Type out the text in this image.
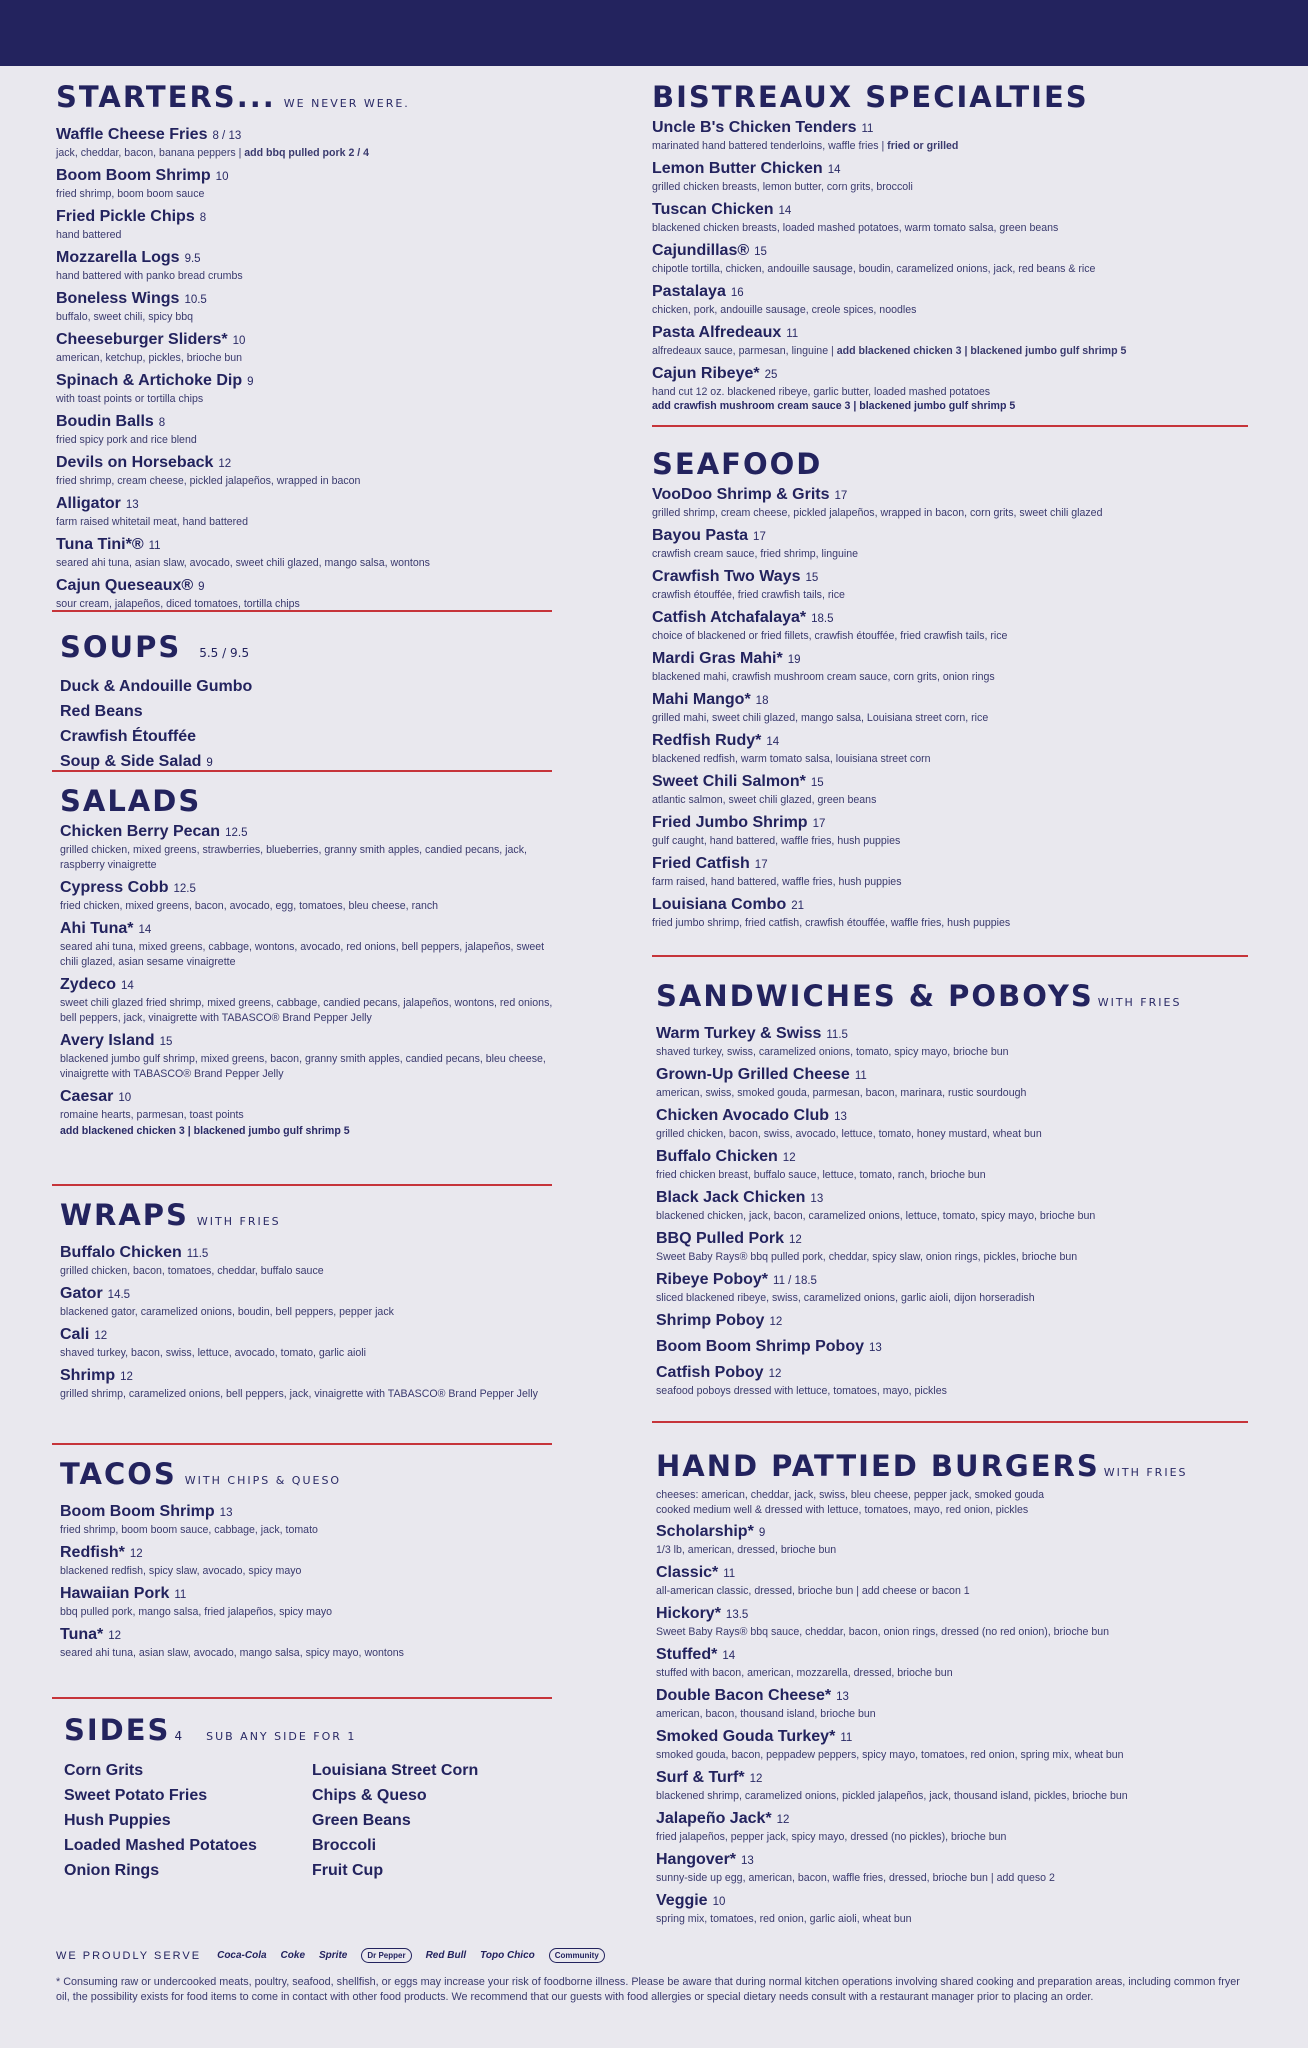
STARTERS... WE NEVER WERE.
Waffle Cheese Fries 8 / 13
jack, cheddar, bacon, banana peppers | add bbq pulled pork 2 / 4
Boom Boom Shrimp 10
fried shrimp, boom boom sauce
Fried Pickle Chips 8
hand battered
Mozzarella Logs 9.5
hand battered with panko bread crumbs
Boneless Wings 10.5
buffalo, sweet chili, spicy bbq
Cheeseburger Sliders* 10
american, ketchup, pickles, brioche bun
Spinach & Artichoke Dip 9
with toast points or tortilla chips
Boudin Balls 8
fried spicy pork and rice blend
Devils on Horseback 12
fried shrimp, cream cheese, pickled jalapeños, wrapped in bacon
Alligator 13
farm raised whitetail meat, hand battered
Tuna Tini*® 11
seared ahi tuna, asian slaw, avocado, sweet chili glazed, mango salsa, wontons
Cajun Queseaux® 9
sour cream, jalapeños, diced tomatoes, tortilla chips
SOUPS 5.5 / 9.5
Duck & Andouille Gumbo
Red Beans
Crawfish Étouffée
Soup & Side Salad 9
SALADS
Chicken Berry Pecan 12.5
grilled chicken, mixed greens, strawberries, blueberries, granny smith apples, candied pecans, jack, raspberry vinaigrette
Cypress Cobb 12.5
fried chicken, mixed greens, bacon, avocado, egg, tomatoes, bleu cheese, ranch
Ahi Tuna* 14
seared ahi tuna, mixed greens, cabbage, wontons, avocado, red onions, bell peppers, jalapeños, sweet chili glazed, asian sesame vinaigrette
Zydeco 14
sweet chili glazed fried shrimp, mixed greens, cabbage, candied pecans, jalapeños, wontons, red onions, bell peppers, jack, vinaigrette with TABASCO® Brand Pepper Jelly
Avery Island 15
blackened jumbo gulf shrimp, mixed greens, bacon, granny smith apples, candied pecans, bleu cheese, vinaigrette with TABASCO® Brand Pepper Jelly
Caesar 10
romaine hearts, parmesan, toast points
add blackened chicken 3 | blackened jumbo gulf shrimp 5
WRAPS WITH FRIES
Buffalo Chicken 11.5
grilled chicken, bacon, tomatoes, cheddar, buffalo sauce
Gator 14.5
blackened gator, caramelized onions, boudin, bell peppers, pepper jack
Cali 12
shaved turkey, bacon, swiss, lettuce, avocado, tomato, garlic aioli
Shrimp 12
grilled shrimp, caramelized onions, bell peppers, jack, vinaigrette with TABASCO® Brand Pepper Jelly
TACOS WITH CHIPS & QUESO
Boom Boom Shrimp 13
fried shrimp, boom boom sauce, cabbage, jack, tomato
Redfish* 12
blackened redfish, spicy slaw, avocado, spicy mayo
Hawaiian Pork 11
bbq pulled pork, mango salsa, fried jalapeños, spicy mayo
Tuna* 12
seared ahi tuna, asian slaw, avocado, mango salsa, spicy mayo, wontons
SIDES 4 SUB ANY SIDE FOR 1
Corn Grits
Sweet Potato Fries
Hush Puppies
Loaded Mashed Potatoes
Onion Rings
Louisiana Street Corn
Chips & Queso
Green Beans
Broccoli
Fruit Cup
BISTREAUX SPECIALTIES
Uncle B's Chicken Tenders 11
marinated hand battered tenderloins, waffle fries | fried or grilled
Lemon Butter Chicken 14
grilled chicken breasts, lemon butter, corn grits, broccoli
Tuscan Chicken 14
blackened chicken breasts, loaded mashed potatoes, warm tomato salsa, green beans
Cajundillas® 15
chipotle tortilla, chicken, andouille sausage, boudin, caramelized onions, jack, red beans & rice
Pastalaya 16
chicken, pork, andouille sausage, creole spices, noodles
Pasta Alfredeaux 11
alfredeaux sauce, parmesan, linguine | add blackened chicken 3 | blackened jumbo gulf shrimp 5
Cajun Ribeye* 25
hand cut 12 oz. blackened ribeye, garlic butter, loaded mashed potatoes
add crawfish mushroom cream sauce 3 | blackened jumbo gulf shrimp 5
SEAFOOD
VooDoo Shrimp & Grits 17
grilled shrimp, cream cheese, pickled jalapeños, wrapped in bacon, corn grits, sweet chili glazed
Bayou Pasta 17
crawfish cream sauce, fried shrimp, linguine
Crawfish Two Ways 15
crawfish étouffée, fried crawfish tails, rice
Catfish Atchafalaya* 18.5
choice of blackened or fried fillets, crawfish étouffée, fried crawfish tails, rice
Mardi Gras Mahi* 19
blackened mahi, crawfish mushroom cream sauce, corn grits, onion rings
Mahi Mango* 18
grilled mahi, sweet chili glazed, mango salsa, Louisiana street corn, rice
Redfish Rudy* 14
blackened redfish, warm tomato salsa, louisiana street corn
Sweet Chili Salmon* 15
atlantic salmon, sweet chili glazed, green beans
Fried Jumbo Shrimp 17
gulf caught, hand battered, waffle fries, hush puppies
Fried Catfish 17
farm raised, hand battered, waffle fries, hush puppies
Louisiana Combo 21
fried jumbo shrimp, fried catfish, crawfish étouffée, waffle fries, hush puppies
SANDWICHES & POBOYS WITH FRIES
Warm Turkey & Swiss 11.5
shaved turkey, swiss, caramelized onions, tomato, spicy mayo, brioche bun
Grown-Up Grilled Cheese 11
american, swiss, smoked gouda, parmesan, bacon, marinara, rustic sourdough
Chicken Avocado Club 13
grilled chicken, bacon, swiss, avocado, lettuce, tomato, honey mustard, wheat bun
Buffalo Chicken 12
fried chicken breast, buffalo sauce, lettuce, tomato, ranch, brioche bun
Black Jack Chicken 13
blackened chicken, jack, bacon, caramelized onions, lettuce, tomato, spicy mayo, brioche bun
BBQ Pulled Pork 12
Sweet Baby Rays® bbq pulled pork, cheddar, spicy slaw, onion rings, pickles, brioche bun
Ribeye Poboy* 11 / 18.5
sliced blackened ribeye, swiss, caramelized onions, garlic aioli, dijon horseradish
Shrimp Poboy 12
Boom Boom Shrimp Poboy 13
Catfish Poboy 12
seafood poboys dressed with lettuce, tomatoes, mayo, pickles
HAND PATTIED BURGERS WITH FRIES
cheeses: american, cheddar, jack, swiss, bleu cheese, pepper jack, smoked gouda
cooked medium well & dressed with lettuce, tomatoes, mayo, red onion, pickles
Scholarship* 9
1/3 lb, american, dressed, brioche bun
Classic* 11
all-american classic, dressed, brioche bun | add cheese or bacon 1
Hickory* 13.5
Sweet Baby Rays® bbq sauce, cheddar, bacon, onion rings, dressed (no red onion), brioche bun
Stuffed* 14
stuffed with bacon, american, mozzarella, dressed, brioche bun
Double Bacon Cheese* 13
american, bacon, thousand island, brioche bun
Smoked Gouda Turkey* 11
smoked gouda, bacon, peppadew peppers, spicy mayo, tomatoes, red onion, spring mix, wheat bun
Surf & Turf* 12
blackened shrimp, caramelized onions, pickled jalapeños, jack, thousand island, pickles, brioche bun
Jalapeño Jack* 12
fried jalapeños, pepper jack, spicy mayo, dressed (no pickles), brioche bun
Hangover* 13
sunny-side up egg, american, bacon, waffle fries, dressed, brioche bun | add queso 2
Veggie 10
spring mix, tomatoes, red onion, garlic aioli, wheat bun
WE PROUDLY SERVE Coca-Cola Coke Sprite	Dr Pepper	Red Bull Topo Chico	Community
* Consuming raw or undercooked meats, poultry, seafood, shellfish, or eggs may increase your risk of foodborne illness. Please be aware that during normal kitchen operations involving shared cooking and preparation areas, including common fryer oil, the possibility exists for food items to come in contact with other food products. We recommend that our guests with food allergies or special dietary needs consult with a restaurant manager prior to placing an order.
